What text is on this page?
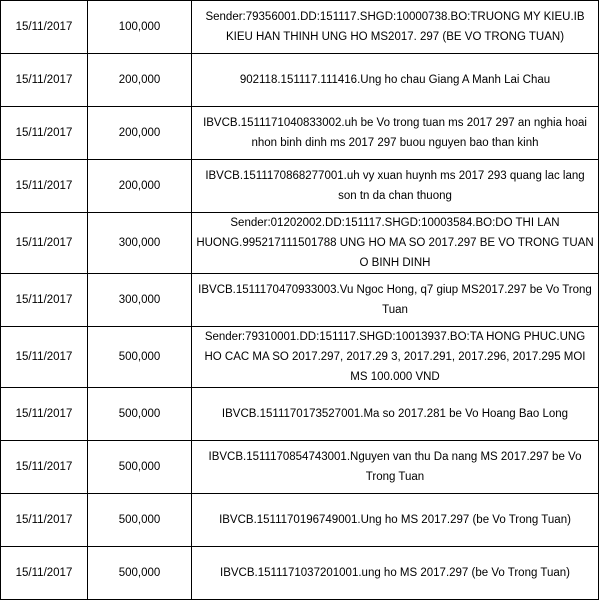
15/11/2017	100,000	Sender:79356001.DD:151117.SHGD:10000738.BO:TRUONG MY KIEU.IB KIEU HAN THINH UNG HO MS2017. 297 (BE VO TRONG TUAN)
15/11/2017	200,000	902118.151117.111416.Ung ho chau Giang A Manh Lai Chau
15/11/2017	200,000	IBVCB.1511171040833002.uh be Vo trong tuan ms 2017 297 an nghia hoai nhon binh dinh ms 2017 297 buou nguyen bao than kinh
15/11/2017	200,000	IBVCB.1511170868277001.uh vy xuan huynh ms 2017 293 quang lac lang son tn da chan thuong
15/11/2017	300,000	Sender:01202002.DD:151117.SHGD:10003584.BO:DO THI LAN HUONG.995217111501788 UNG HO MA SO 2017.297 BE VO TRONG TUAN O BINH DINH
15/11/2017	300,000	IBVCB.1511170470933003.Vu Ngoc Hong, q7 giup MS2017.297 be Vo Trong Tuan
15/11/2017	500,000	Sender:79310001.DD:151117.SHGD:10013937.BO:TA HONG PHUC.UNG HO CAC MA SO 2017.297, 2017.29 3, 2017.291, 2017.296, 2017.295 MOI MS 100.000 VND
15/11/2017	500,000	IBVCB.1511170173527001.Ma so 2017.281 be Vo Hoang Bao Long
15/11/2017	500,000	IBVCB.1511170854743001.Nguyen van thu Da nang MS 2017.297 be Vo Trong Tuan
15/11/2017	500,000	IBVCB.1511170196749001.Ung ho MS 2017.297 (be Vo Trong Tuan)
15/11/2017	500,000	IBVCB.1511171037201001.ung ho MS 2017.297 (be Vo Trong Tuan)
